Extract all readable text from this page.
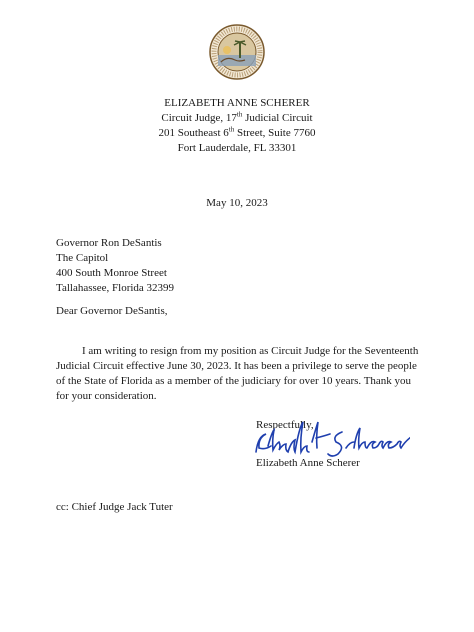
ELIZABETH ANNE SCHERER
Circuit Judge, 17th Judicial Circuit
201 Southeast 6th Street, Suite 7760
Fort Lauderdale, FL 33301
May 10, 2023
Governor Ron DeSantis
The Capitol
400 South Monroe Street
Tallahassee, Florida 32399
Dear Governor DeSantis,
I am writing to resign from my position as Circuit Judge for the Seventeenth
Judicial Circuit effective June 30, 2023. It has been a privilege to serve the people
of the State of Florida as a member of the judiciary for over 10 years. Thank you
for your consideration.
Respectfully,
Elizabeth Anne Scherer
cc: Chief Judge Jack Tuter
